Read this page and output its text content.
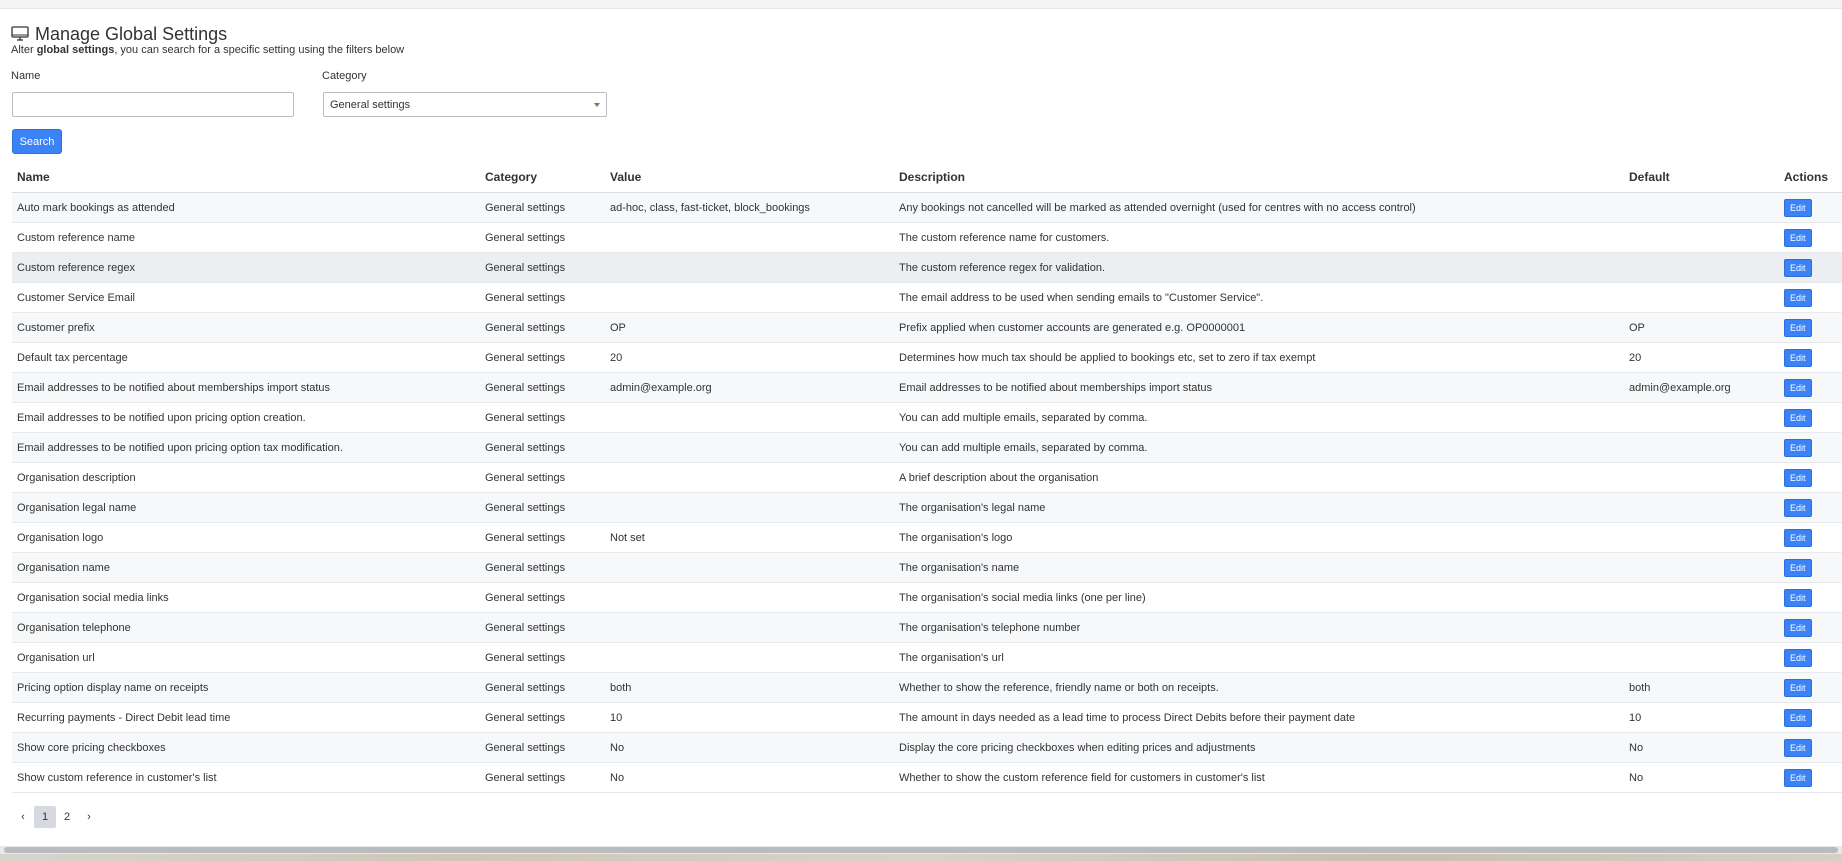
Manage Global Settings
Alter global settings, you can search for a specific setting using the filters below
Name	Category
General settings
Search
Name	Category	Value	Description	Default	Actions
Auto mark bookings as attended	General settings	ad-hoc, class, fast-ticket, block_bookings	Any bookings not cancelled will be marked as attended overnight (used for centres with no access control)		Edit
Custom reference name	General settings		The custom reference name for customers.		Edit
Custom reference regex	General settings		The custom reference regex for validation.		Edit
Customer Service Email	General settings		The email address to be used when sending emails to "Customer Service".		Edit
Customer prefix	General settings	OP	Prefix applied when customer accounts are generated e.g. OP0000001	OP	Edit
Default tax percentage	General settings	20	Determines how much tax should be applied to bookings etc, set to zero if tax exempt	20	Edit
Email addresses to be notified about memberships import status	General settings	admin@example.org	Email addresses to be notified about memberships import status	admin@example.org	Edit
Email addresses to be notified upon pricing option creation.	General settings		You can add multiple emails, separated by comma.		Edit
Email addresses to be notified upon pricing option tax modification.	General settings		You can add multiple emails, separated by comma.		Edit
Organisation description	General settings		A brief description about the organisation		Edit
Organisation legal name	General settings		The organisation's legal name		Edit
Organisation logo	General settings	Not set	The organisation's logo		Edit
Organisation name	General settings		The organisation's name		Edit
Organisation social media links	General settings		The organisation's social media links (one per line)		Edit
Organisation telephone	General settings		The organisation's telephone number		Edit
Organisation url	General settings		The organisation's url		Edit
Pricing option display name on receipts	General settings	both	Whether to show the reference, friendly name or both on receipts.	both	Edit
Recurring payments - Direct Debit lead time	General settings	10	The amount in days needed as a lead time to process Direct Debits before their payment date	10	Edit
Show core pricing checkboxes	General settings	No	Display the core pricing checkboxes when editing prices and adjustments	No	Edit
Show custom reference in customer's list	General settings	No	Whether to show the custom reference field for customers in customer's list	No	Edit
‹	1	2	›
